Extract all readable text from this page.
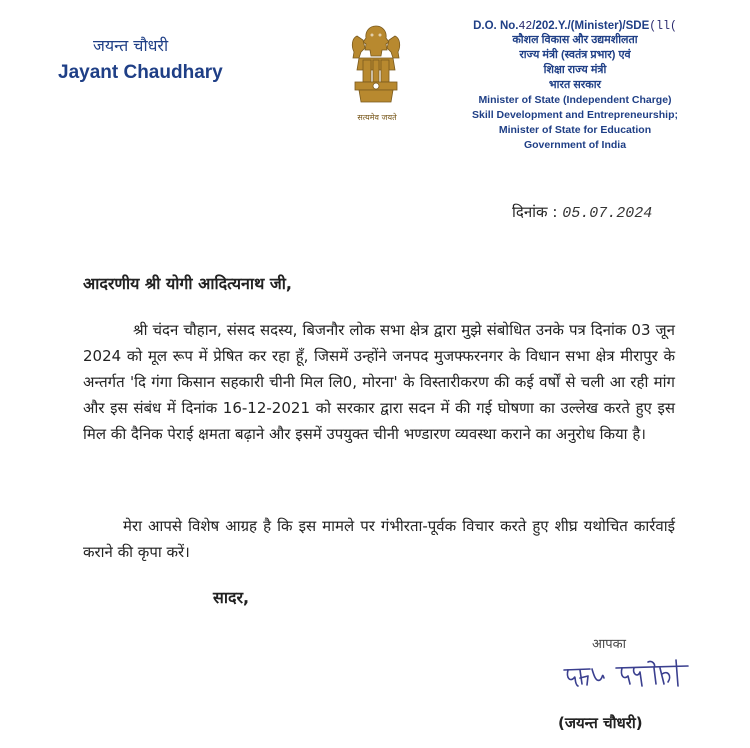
जयन्त चौधरी
Jayant Chaudhary
सत्यमेव जयते
D.O. No.42/202.Y./(Minister)/SDE(ll(
कौशल विकास और उद्यमशीलता
राज्य मंत्री (स्वतंत्र प्रभार) एवं
शिक्षा राज्य मंत्री
भारत सरकार
Minister of State (Independent Charge)
Skill Development and Entrepreneurship;
Minister of State for Education
Government of India
दिनांक : 05.07.2024
आदरणीय श्री योगी आदित्यनाथ जी,
श्री चंदन चौहान, संसद सदस्य, बिजनौर लोक सभा क्षेत्र द्वारा मुझे संबोधित उनके पत्र दिनांक 03 जून 2024 को मूल रूप में प्रेषित कर रहा हूँ, जिसमें उन्होंने जनपद मुजफ्फरनगर के विधान सभा क्षेत्र मीरापुर के अन्तर्गत 'दि गंगा किसान सहकारी चीनी मिल लि0, मोरना' के विस्तारीकरण की कई वर्षों से चली आ रही मांग और इस संबंध में दिनांक 16-12-2021 को सरकार द्वारा सदन में की गई घोषणा का उल्लेख करते हुए इस मिल की दैनिक पेराई क्षमता बढ़ाने और इसमें उपयुक्त चीनी भण्डारण व्यवस्था कराने का अनुरोध किया है।
मेरा आपसे विशेष आग्रह है कि इस मामले पर गंभीरता-पूर्वक विचार करते हुए शीघ्र यथोचित कार्रवाई कराने की कृपा करें।
सादर,
आपका
(जयन्त चौधरी)
